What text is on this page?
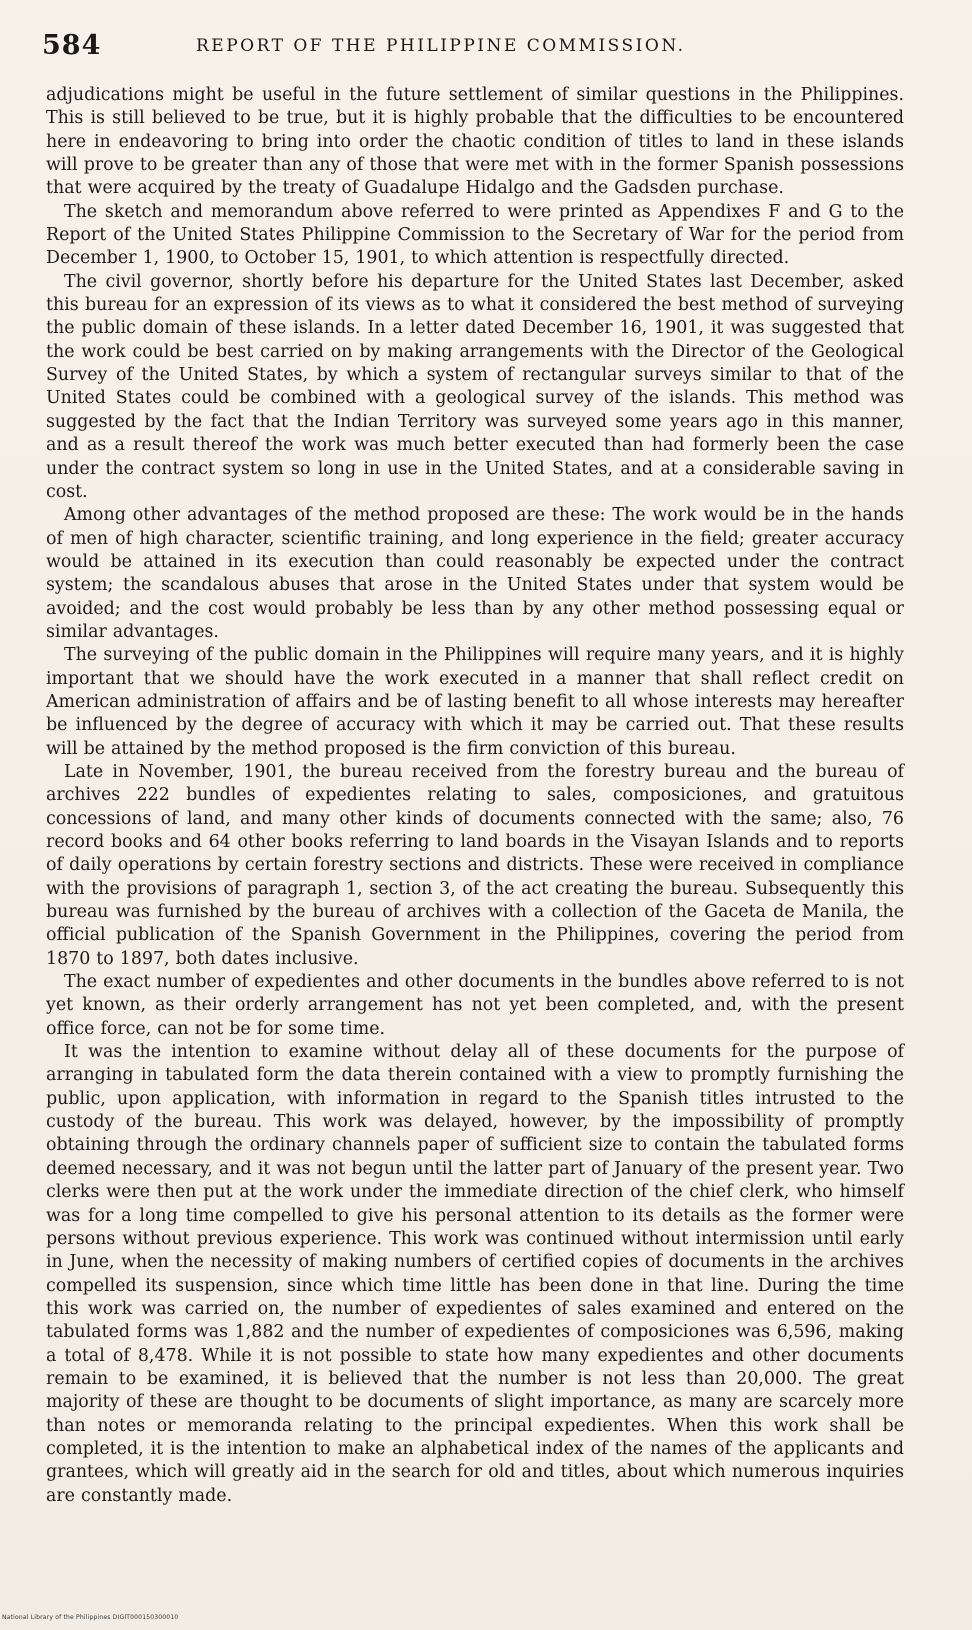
584	REPORT OF THE PHILIPPINE COMMISSION.

adjudications might be useful in the future settlement of similar questions in the Philippines. This is still believed to be true, but it is highly probable that the difficulties to be encountered here in endeavoring to bring into order the chaotic condition of titles to land in these islands will prove to be greater than any of those that were met with in the former Spanish possessions that were acquired by the treaty of Guadalupe Hidalgo and the Gadsden purchase.

The sketch and memorandum above referred to were printed as Appendixes F and G to the Report of the United States Philippine Commission to the Secretary of War for the period from December 1, 1900, to October 15, 1901, to which attention is respectfully directed.

The civil governor, shortly before his departure for the United States last December, asked this bureau for an expression of its views as to what it considered the best method of surveying the public domain of these islands. In a letter dated December 16, 1901, it was suggested that the work could be best carried on by making arrangements with the Director of the Geological Survey of the United States, by which a system of rectangular surveys similar to that of the United States could be combined with a geological survey of the islands. This method was suggested by the fact that the Indian Territory was surveyed some years ago in this manner, and as a result thereof the work was much better executed than had formerly been the case under the contract system so long in use in the United States, and at a considerable saving in cost.

Among other advantages of the method proposed are these: The work would be in the hands of men of high character, scientific training, and long experience in the field; greater accuracy would be attained in its execution than could reasonably be expected under the contract system; the scandalous abuses that arose in the United States under that system would be avoided; and the cost would probably be less than by any other method possessing equal or similar advantages.

The surveying of the public domain in the Philippines will require many years, and it is highly important that we should have the work executed in a manner that shall reflect credit on American administration of affairs and be of lasting benefit to all whose interests may hereafter be influenced by the degree of accuracy with which it may be carried out. That these results will be attained by the method proposed is the firm conviction of this bureau.

Late in November, 1901, the bureau received from the forestry bureau and the bureau of archives 222 bundles of expedientes relating to sales, composiciones, and gratuitous concessions of land, and many other kinds of documents connected with the same; also, 76 record books and 64 other books referring to land boards in the Visayan Islands and to reports of daily operations by certain forestry sections and districts. These were received in compliance with the provisions of paragraph 1, section 3, of the act creating the bureau. Subsequently this bureau was furnished by the bureau of archives with a collection of the Gaceta de Manila, the official publication of the Spanish Government in the Philippines, covering the period from 1870 to 1897, both dates inclusive.

The exact number of expedientes and other documents in the bundles above referred to is not yet known, as their orderly arrangement has not yet been completed, and, with the present office force, can not be for some time.

It was the intention to examine without delay all of these documents for the purpose of arranging in tabulated form the data therein contained with a view to promptly furnishing the public, upon application, with information in regard to the Spanish titles intrusted to the custody of the bureau. This work was delayed, however, by the impossibility of promptly obtaining through the ordinary channels paper of sufficient size to contain the tabulated forms deemed necessary, and it was not begun until the latter part of January of the present year. Two clerks were then put at the work under the immediate direction of the chief clerk, who himself was for a long time compelled to give his personal attention to its details as the former were persons without previous experience. This work was continued without intermission until early in June, when the necessity of making numbers of certified copies of documents in the archives compelled its suspension, since which time little has been done in that line. During the time this work was carried on, the number of expedientes of sales examined and entered on the tabulated forms was 1,882 and the number of expedientes of composiciones was 6,596, making a total of 8,478. While it is not possible to state how many expedientes and other documents remain to be examined, it is believed that the number is not less than 20,000. The great majority of these are thought to be documents of slight importance, as many are scarcely more than notes or memoranda relating to the principal expedientes. When this work shall be completed, it is the intention to make an alphabetical index of the names of the applicants and grantees, which will greatly aid in the search for old and titles, about which numerous inquiries are constantly made.

National Library of the Philippines DIGIT000150300010
